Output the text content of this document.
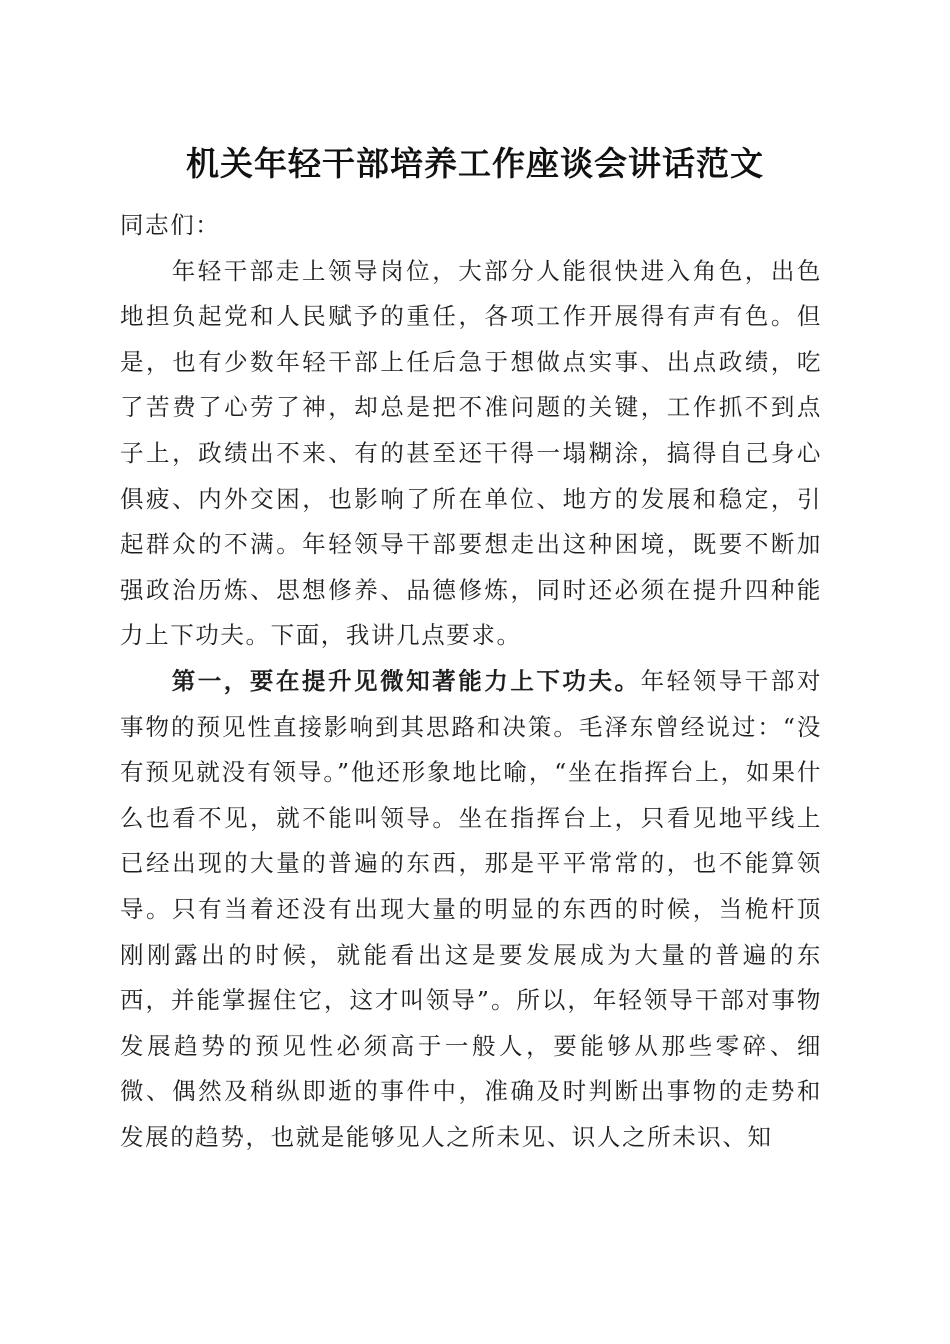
机关年轻干部培养工作座谈会讲话范文

同志们：

年轻干部走上领导岗位，大部分人能很快进入角色，出色地担负起党和人民赋予的重任，各项工作开展得有声有色。但是，也有少数年轻干部上任后急于想做点实事、出点政绩，吃了苦费了心劳了神，却总是把不准问题的关键，工作抓不到点子上，政绩出不来、有的甚至还干得一塌糊涂，搞得自己身心俱疲、内外交困，也影响了所在单位、地方的发展和稳定，引起群众的不满。年轻领导干部要想走出这种困境，既要不断加强政治历炼、思想修养、品德修炼，同时还必须在提升四种能力上下功夫。下面，我讲几点要求。

第一，要在提升见微知著能力上下功夫。年轻领导干部对事物的预见性直接影响到其思路和决策。毛泽东曾经说过：“没有预见就没有领导。”他还形象地比喻，“坐在指挥台上，如果什么也看不见，就不能叫领导。坐在指挥台上，只看见地平线上已经出现的大量的普遍的东西，那是平平常常的，也不能算领导。只有当着还没有出现大量的明显的东西的时候，当桅杆顶刚刚露出的时候，就能看出这是要发展成为大量的普遍的东西，并能掌握住它，这才叫领导”。所以，年轻领导干部对事物发展趋势的预见性必须高于一般人，要能够从那些零碎、细微、偶然及稍纵即逝的事件中，准确及时判断出事物的走势和发展的趋势，也就是能够见人之所未见、识人之所未识、知
